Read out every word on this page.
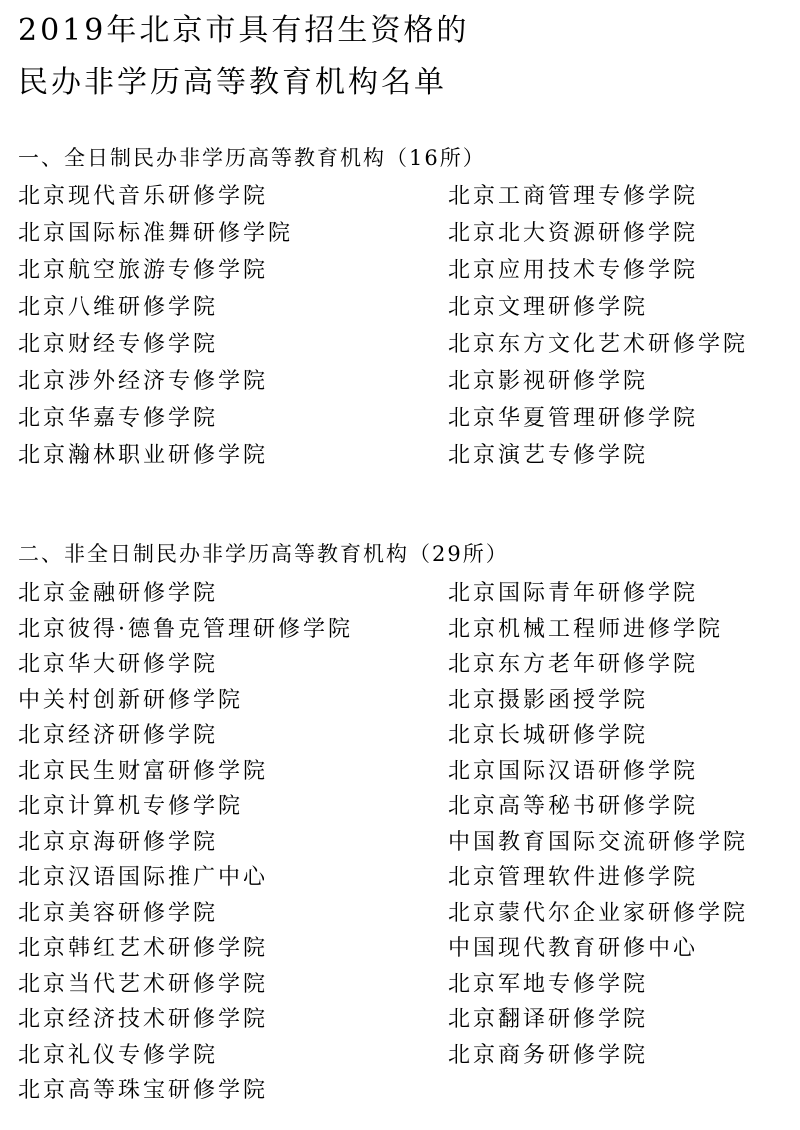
2019年北京市具有招生资格的
民办非学历高等教育机构名单
一、全日制民办非学历高等教育机构（16所）
北京现代音乐研修学院
北京国际标准舞研修学院
北京航空旅游专修学院
北京八维研修学院
北京财经专修学院
北京涉外经济专修学院
北京华嘉专修学院
北京瀚林职业研修学院
北京工商管理专修学院
北京北大资源研修学院
北京应用技术专修学院
北京文理研修学院
北京东方文化艺术研修学院
北京影视研修学院
北京华夏管理研修学院
北京演艺专修学院
二、非全日制民办非学历高等教育机构（29所）
北京金融研修学院
北京彼得·德鲁克管理研修学院
北京华大研修学院
中关村创新研修学院
北京经济研修学院
北京民生财富研修学院
北京计算机专修学院
北京京海研修学院
北京汉语国际推广中心
北京美容研修学院
北京韩红艺术研修学院
北京当代艺术研修学院
北京经济技术研修学院
北京礼仪专修学院
北京高等珠宝研修学院
北京国际青年研修学院
北京机械工程师进修学院
北京东方老年研修学院
北京摄影函授学院
北京长城研修学院
北京国际汉语研修学院
北京高等秘书研修学院
中国教育国际交流研修学院
北京管理软件进修学院
北京蒙代尔企业家研修学院
中国现代教育研修中心
北京军地专修学院
北京翻译研修学院
北京商务研修学院
